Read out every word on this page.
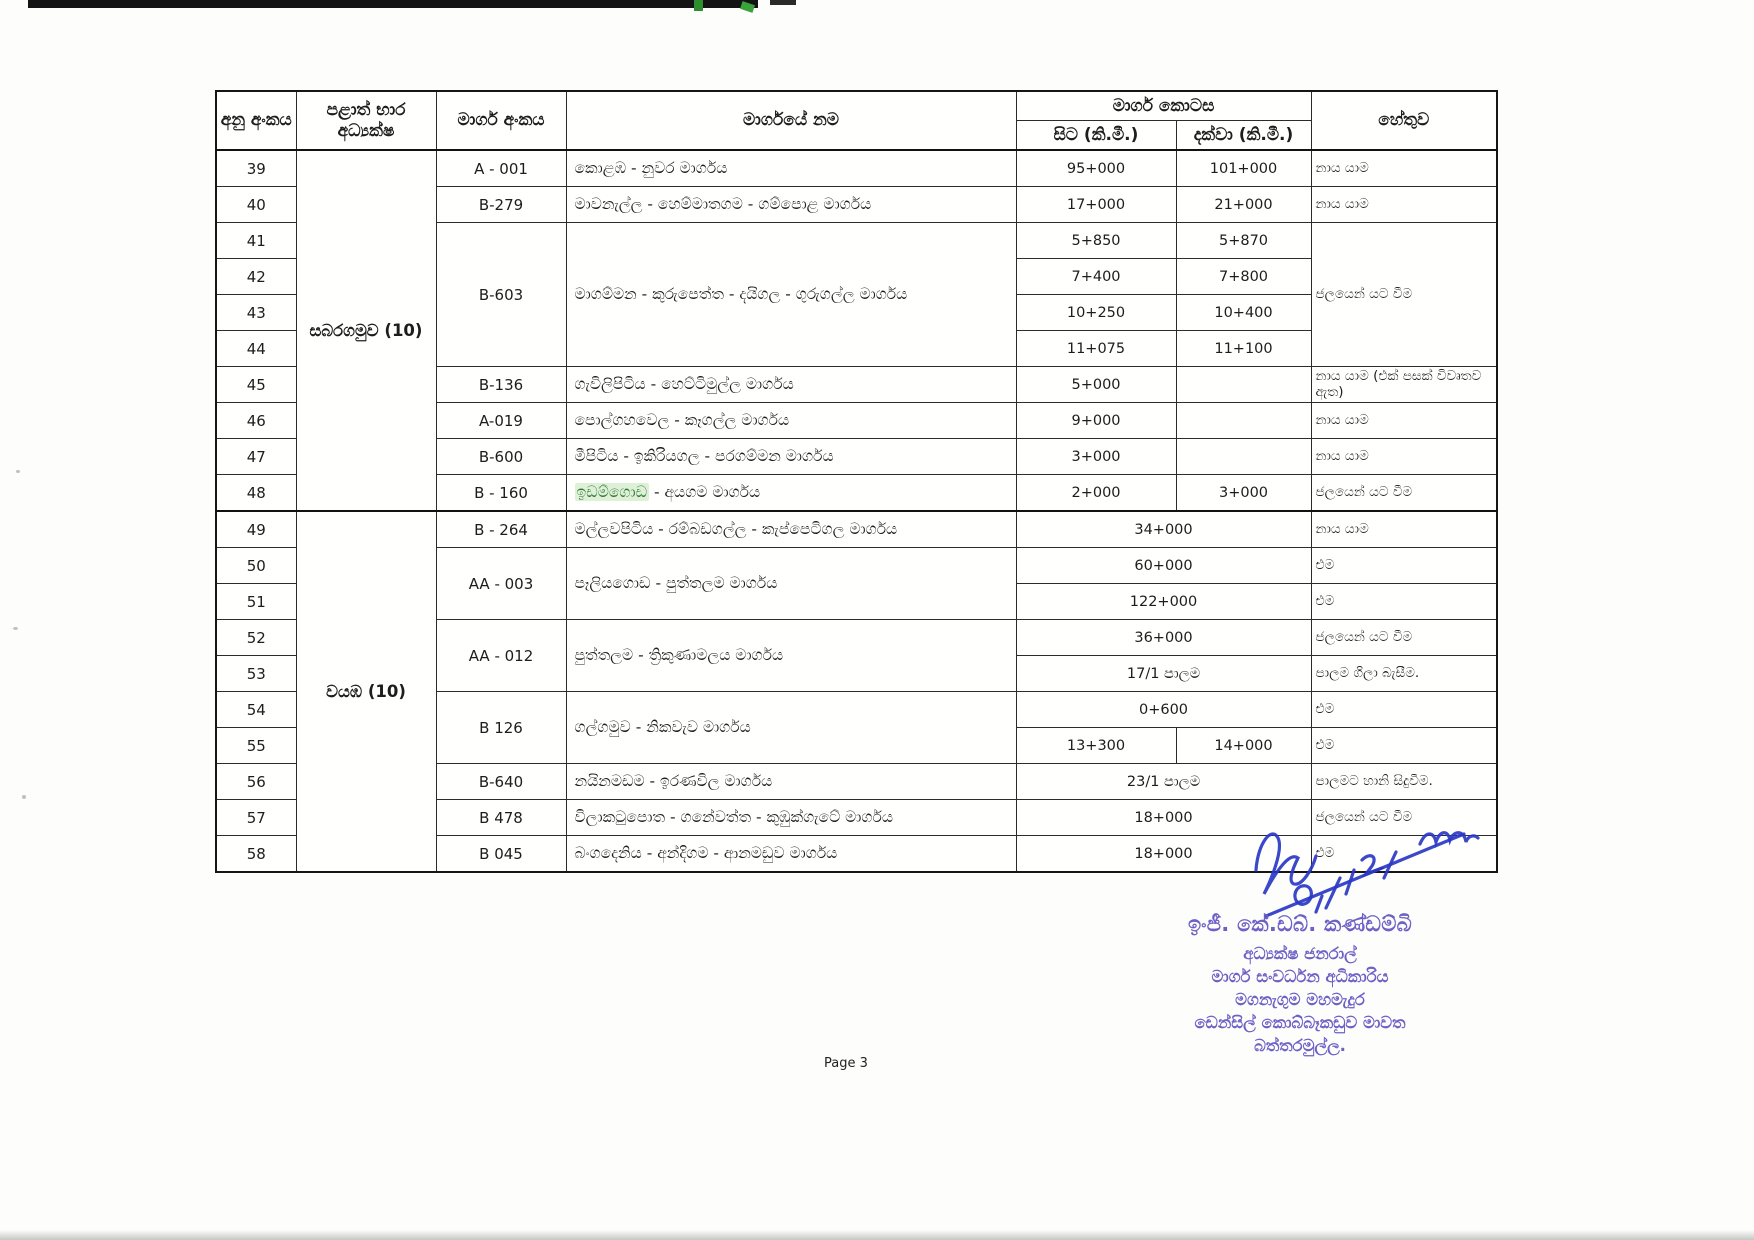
අනු අංකය	පළාත් භාර අධ්‍යක්ෂ	මාර්ග අංකය	මාර්ගයේ නම	මාර්ග කොටස		හේතුව
				සිට (කි.මී.)	දක්වා (කි.මී.)	
39	සබරගමුව (10)	A - 001	කොළඹ - නුවර මාර්ගය	95+000	101+000	නාය යාම
40		B-279	මාවනැල්ල - හෙම්මාතගම - ගම්පොළ මාර්ගය	17+000	21+000	නාය යාම
41		B-603	මාගම්මන - කුරුපෙත්ත - දයිගල - ගුරුගල්ල මාර්ගය	5+850	5+870	ජලයෙන් යට වීම
42				7+400	7+800	
43				10+250	10+400	
44				11+075	11+100	
45		B-136	ගැවිලිපිටිය - හෙට්ටිමුල්ල මාර්ගය	5+000		නාය යාම (එක් පසක් විවෘතව ඇත)
46		A-019	පොල්ගහවෙල - කෑගල්ල මාර්ගය	9+000		නාය යාම
47		B-600	මීපිටිය - ඉකිරියගල - පරගම්මන මාර්ගය	3+000		නාය යාම
48		B - 160	ඉඩම්ගොඩ - අයගම මාර්ගය	2+000	3+000	ජලයෙන් යට වීම
49	වයඹ (10)	B - 264	මල්ලවපිටිය - රම්බඩගල්ල - කැප්පෙටිගල මාර්ගය	34+000		නාය යාම
50		AA - 003	පෑලියගොඩ - පුත්තලම මාර්ගය	60+000		එම
51				122+000		එම
52		AA - 012	පුත්තලම - ත්‍රිකුණාමලය මාර්ගය	36+000		ජලයෙන් යට වීම
53				17/1 පාලම		පාලම ගිලා බැසීම.
54		B 126	ගල්ගමුව - නිකවැව මාර්ගය	0+600		එම
55				13+300	14+000	එම
56		B-640	නයිනමඩම - ඉරණවිල මාර්ගය	23/1 පාලම		පාලමට හානි සිදුවීම.
57		B 478	විලාකටුපොත - ගනේවත්ත - කුඹුක්ගැටේ මාර්ගය	18+000		ජලයෙන් යට වීම
58		B 045	බංගදෙනිය - අන්දිගම - ආනමඩුව මාර්ගය	18+000		එම
ඉංජී. කේ.ඩබ්. කණ්ඩම්බි
අධ්‍යක්ෂ ජනරාල්
මාර්ග සංවර්ධන අධිකාරිය
මගනැගුම මහමැදුර
ඩෙන්සිල් කොබ්බෑකඩුව මාවත
බත්තරමුල්ල.
Page 3
